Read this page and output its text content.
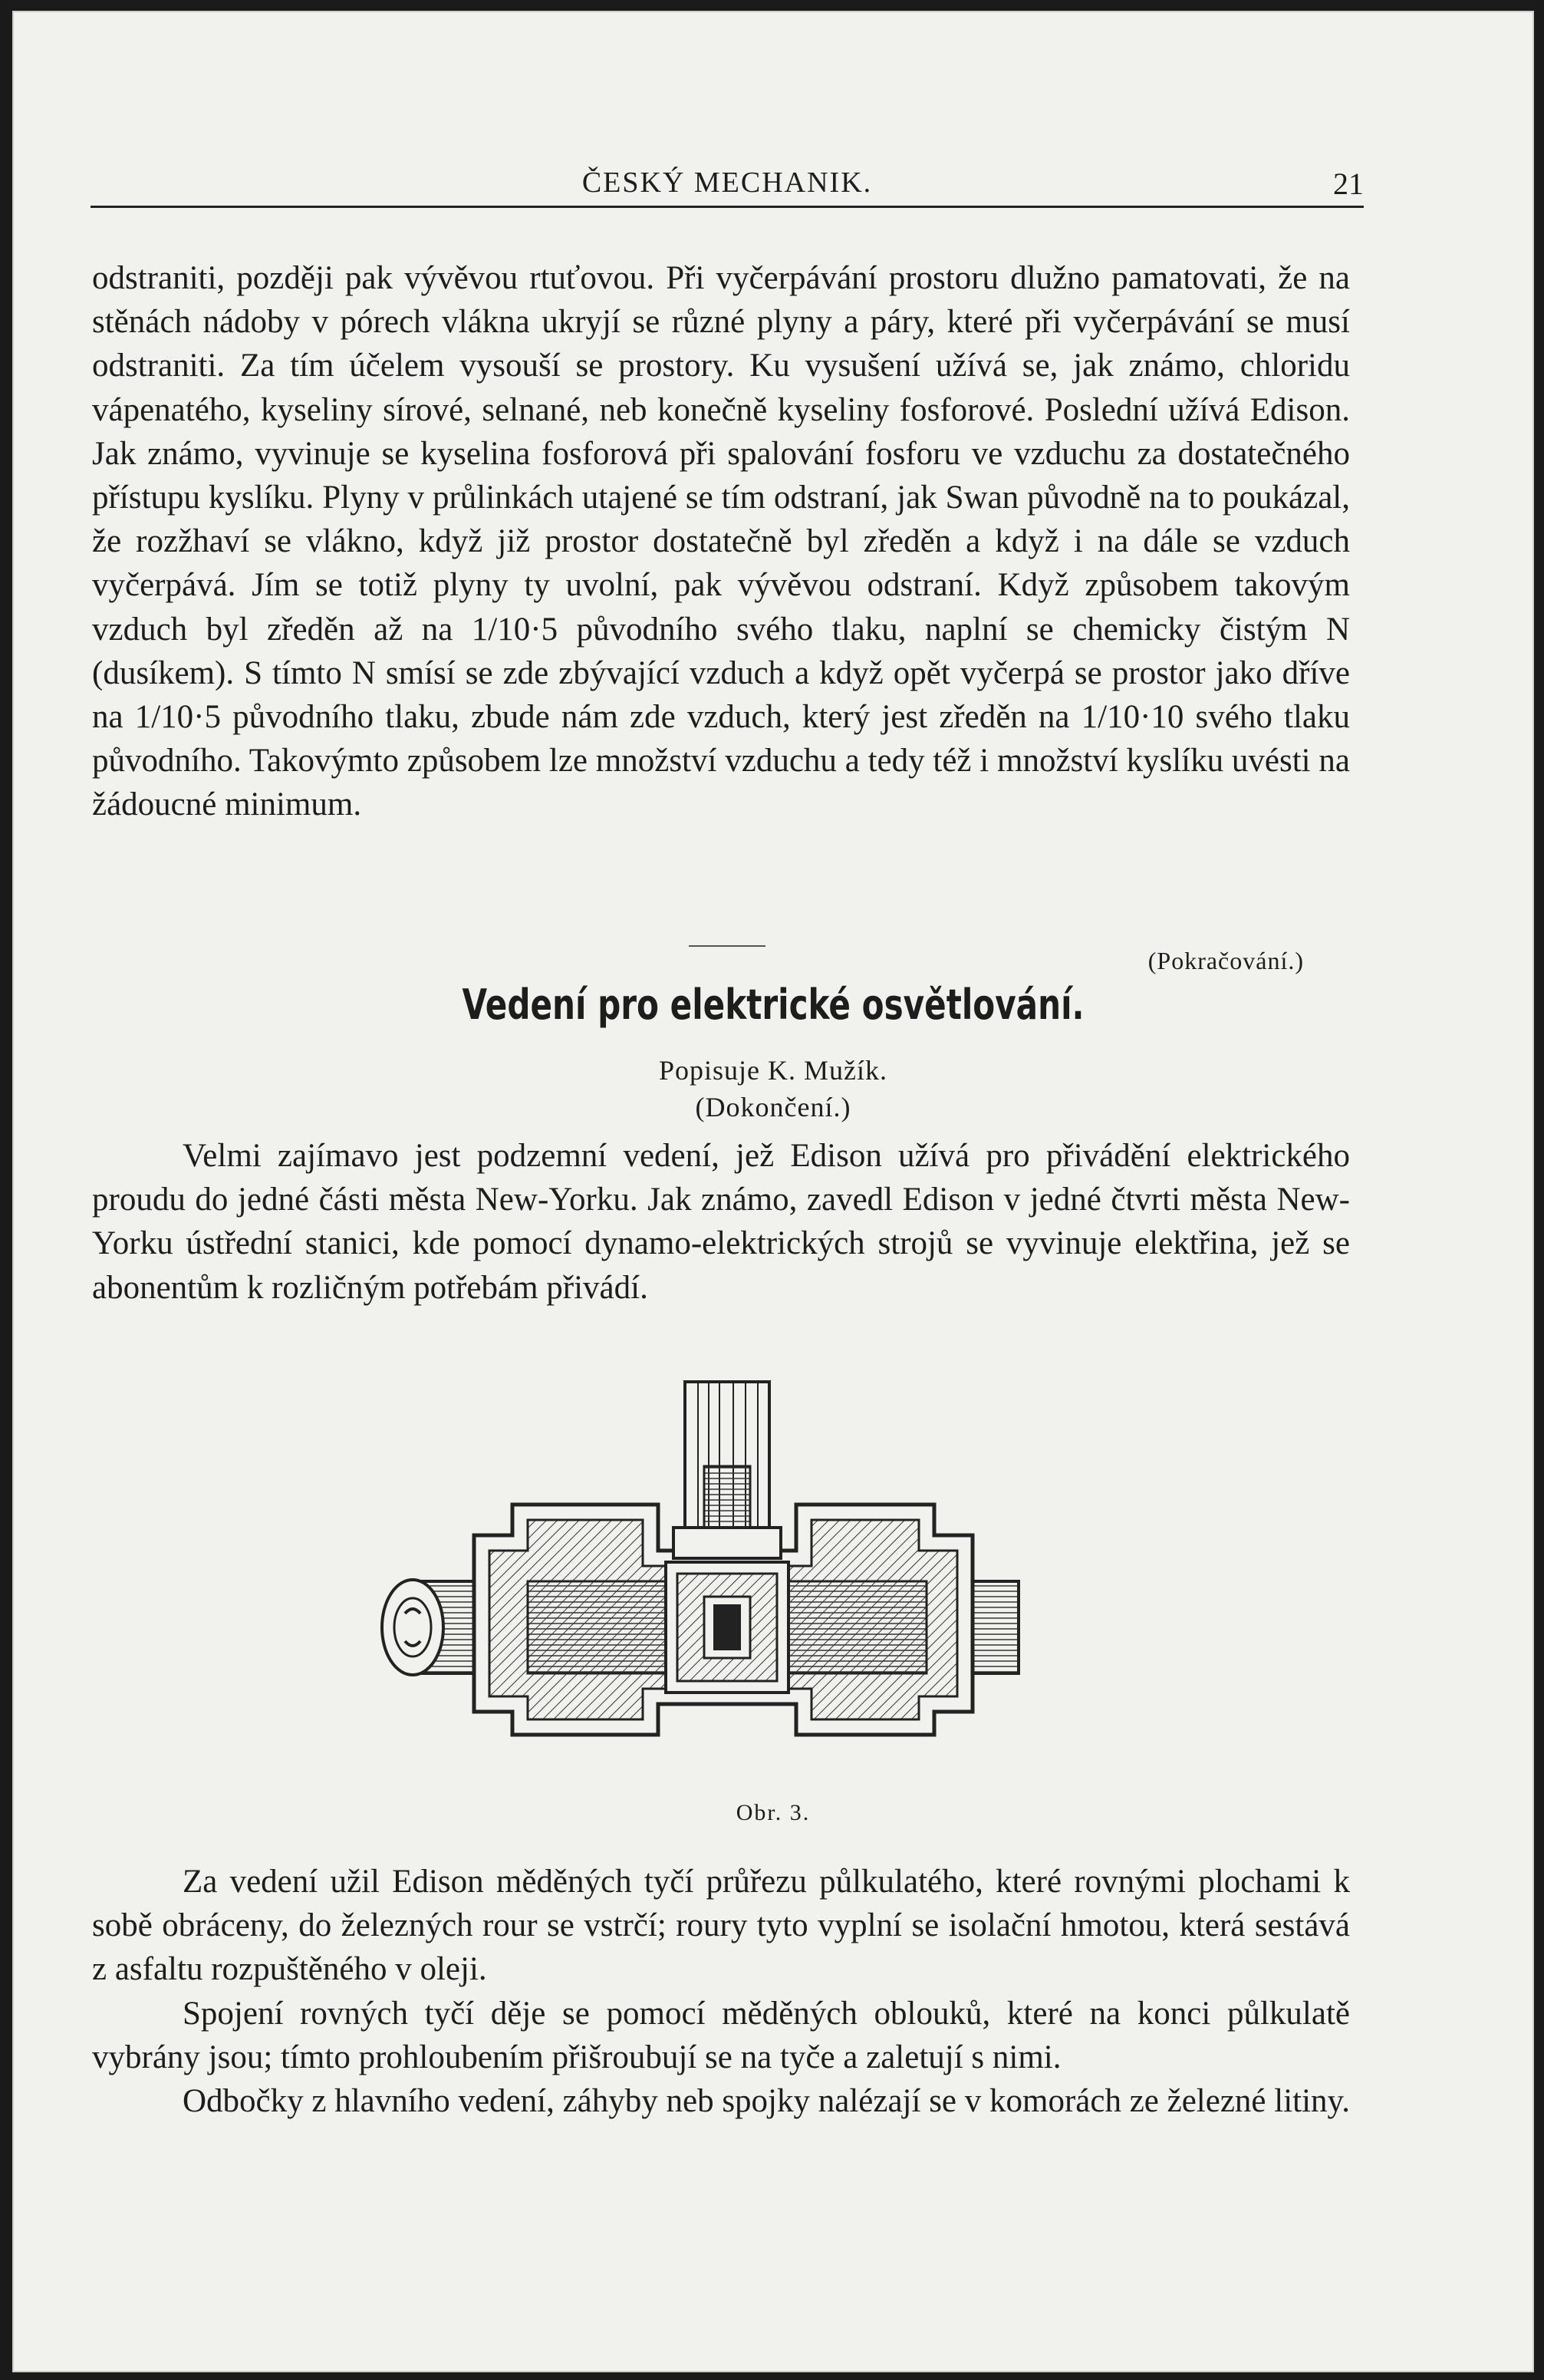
ČESKÝ MECHANIK.	21

odstraniti, později pak vývěvou rtuťovou. Při vyčerpávání prostoru dlužno pamatovati, že na stěnách nádoby v pórech vlákna ukryjí se různé plyny a páry, které při vyčerpávání se musí odstraniti. Za tím účelem vysouší se prostory. Ku vysušení užívá se, jak známo, chloridu vápenatého, kyseliny sírové, selnané, neb konečně kyseliny fosforové. Poslední užívá Edison. Jak známo, vyvinuje se kyselina fosforová při spalování fosforu ve vzduchu za dostatečného přístupu kyslíku. Plyny v průlinkách utajené se tím odstraní, jak Swan původně na to poukázal, že rozžhaví se vlákno, když již prostor dostatečně byl zředěn a když i na dále se vzduch vyčerpává. Jím se totiž plyny ty uvolní, pak vývěvou odstraní. Když způsobem takovým vzduch byl zředěn až na 1/10·5 původního svého tlaku, naplní se chemicky čistým N (dusíkem). S tímto N smísí se zde zbývající vzduch a když opět vyčerpá se prostor jako dříve na 1/10·5 původního tlaku, zbude nám zde vzduch, který jest zředěn na 1/10·10 svého tlaku původního. Takovýmto způsobem lze množství vzduchu a tedy též i množství kyslíku uvésti na žádoucné minimum.

(Pokračování.)
Vedení pro elektrické osvětlování.
Popisuje K. Mužík.
(Dokončení.)

Velmi zajímavo jest podzemní vedení, jež Edison užívá pro přivádění elektrického proudu do jedné části města New-Yorku. Jak známo, zavedl Edison v jedné čtvrti města New-Yorku ústřední stanici, kde pomocí dynamo-elektrických strojů se vyvinuje elektřina, jež se abonentům k rozličným potřebám přivádí.

Obr. 3.

Za vedení užil Edison měděných tyčí průřezu půlkulatého, které rovnými plochami k sobě obráceny, do železných rour se vstrčí; roury tyto vyplní se isolační hmotou, která sestává z asfaltu rozpuštěného v oleji.

Spojení rovných tyčí děje se pomocí měděných oblouků, které na konci půlkulatě vybrány jsou; tímto prohloubením přišroubují se na tyče a zaletují s nimi.

Odbočky z hlavního vedení, záhyby neb spojky nalézají se v komorách ze železné litiny.
